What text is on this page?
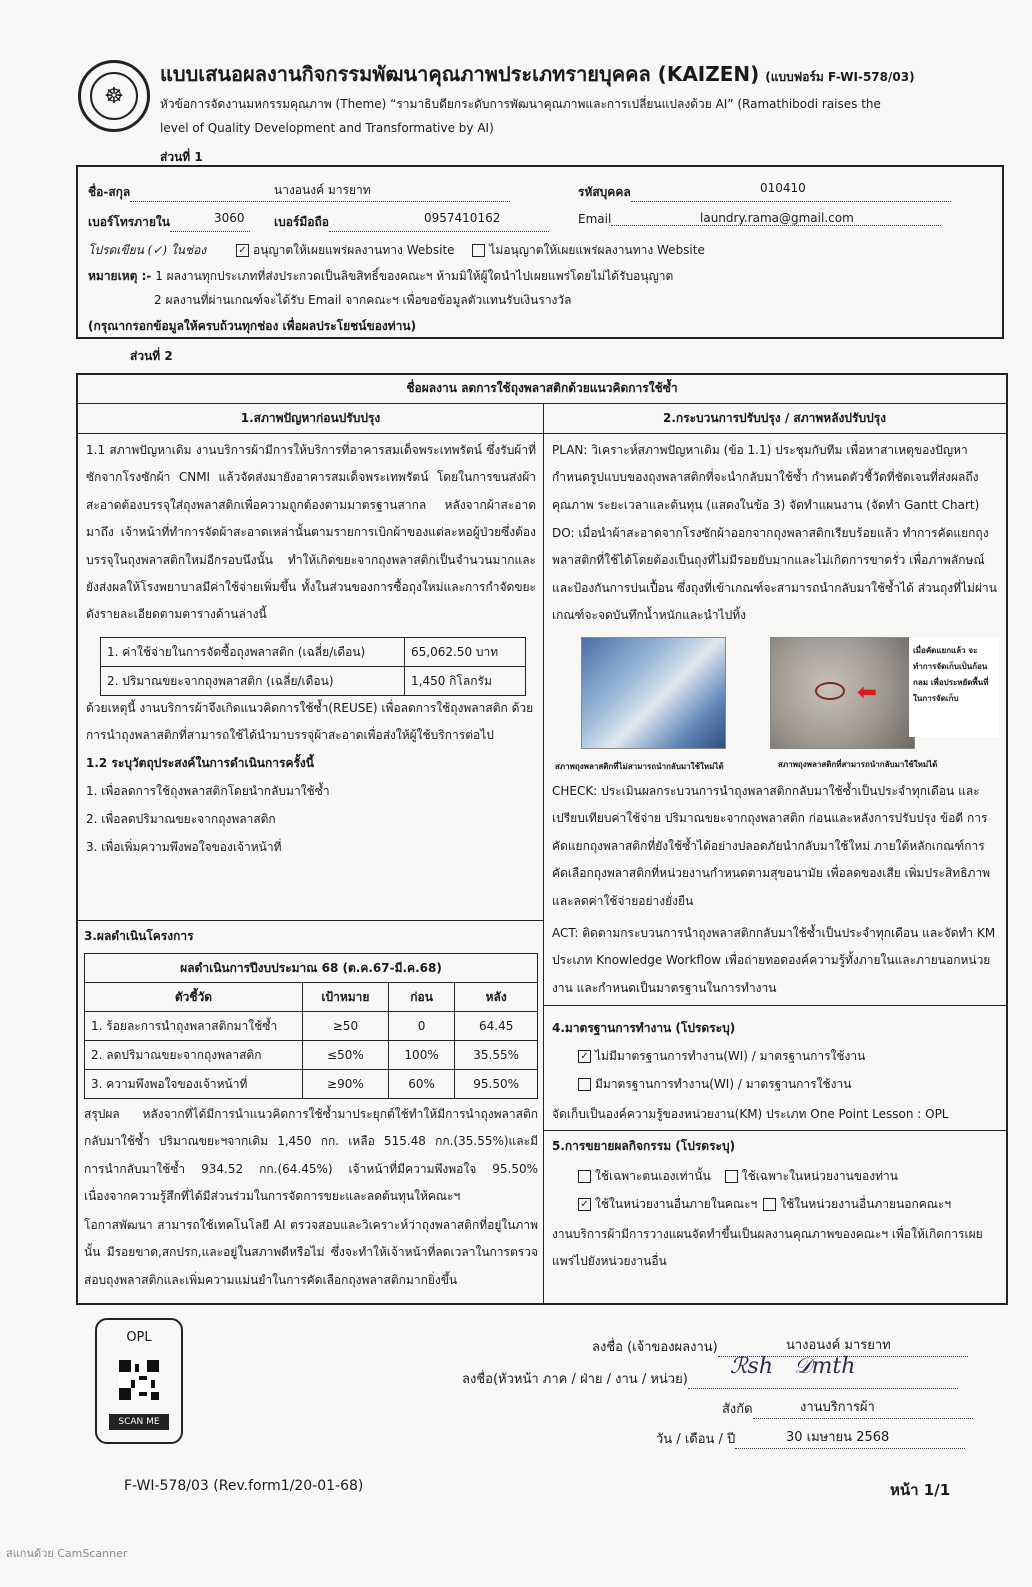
☸
แบบเสนอผลงานกิจกรรมพัฒนาคุณภาพประเภทรายบุคคล (KAIZEN) (แบบฟอร์ม F-WI-578/03)
หัวข้อการจัดงานมหกรรมคุณภาพ (Theme) “รามาธิบดียกระดับการพัฒนาคุณภาพและการเปลี่ยนแปลงด้วย AI” (Ramathibodi raises the
level of Quality Development and Transformative by AI)
ส่วนที่ 1
ชื่อ-สกุล	นางอนงค์ มารยาท	รหัสบุคคล	010410
เบอร์โทรภายใน	3060 เบอร์มือถือ	0957410162	Email	laundry.rama@gmail.com
โปรดเขียน (✓) ในช่อง	✓ อนุญาตให้เผยแพร่ผลงานทาง Website	ไม่อนุญาตให้เผยแพร่ผลงานทาง Website
หมายเหตุ :- 1 ผลงานทุกประเภทที่ส่งประกวดเป็นลิขสิทธิ์ของคณะฯ ห้ามมิให้ผู้ใดนำไปเผยแพร่โดยไม่ได้รับอนุญาต
2 ผลงานที่ผ่านเกณฑ์จะได้รับ Email จากคณะฯ เพื่อขอข้อมูลตัวแทนรับเงินรางวัล
(กรุณากรอกข้อมูลให้ครบถ้วนทุกช่อง เพื่อผลประโยชน์ของท่าน)
ส่วนที่ 2
ชื่อผลงาน ลดการใช้ถุงพลาสติกด้วยแนวคิดการใช้ซ้ำ
1.สภาพปัญหาก่อนปรับปรุง	2.กระบวนการปรับปรุง / สภาพหลังปรับปรุง
1.1 สภาพปัญหาเดิม งานบริการผ้ามีการให้บริการที่อาคารสมเด็จพระเทพรัตน์ ซึ่งรับผ้าที่ซักจากโรงซักผ้า CNMI แล้วจัดส่งมายังอาคารสมเด็จพระเทพรัตน์ โดยในการขนส่งผ้าสะอาดต้องบรรจุใส่ถุงพลาสติกเพื่อความถูกต้องตามมาตรฐานสากล หลังจากผ้าสะอาดมาถึง เจ้าหน้าที่ทำการจัดผ้าสะอาดเหล่านั้นตามรายการเบิกผ้าของแต่ละหอผู้ป่วยซึ่งต้องบรรจุในถุงพลาสติกใหม่อีกรอบนึงนั้น ทำให้เกิดขยะจากถุงพลาสติกเป็นจำนวนมากและยังส่งผลให้โรงพยาบาลมีค่าใช้จ่ายเพิ่มขึ้น ทั้งในส่วนของการซื้อถุงใหม่และการกำจัดขยะ ดังรายละเอียดตามตารางด้านล่างนี้
1. ค่าใช้จ่ายในการจัดซื้อถุงพลาสติก (เฉลี่ย/เดือน)	65,062.50 บาท
2. ปริมาณขยะจากถุงพลาสติก (เฉลี่ย/เดือน)	1,450 กิโลกรัม
ด้วยเหตุนี้ งานบริการผ้าจึงเกิดแนวคิดการใช้ซ้ำ(REUSE) เพื่อลดการใช้ถุงพลาสติก ด้วยการนำถุงพลาสติกที่สามารถใช้ได้นำมาบรรจุผ้าสะอาดเพื่อส่งให้ผู้ใช้บริการต่อไป
1.2 ระบุวัตถุประสงค์ในการดำเนินการครั้งนี้
1. เพื่อลดการใช้ถุงพลาสติกโดยนำกลับมาใช้ซ้ำ
2. เพื่อลดปริมาณขยะจากถุงพลาสติก
3. เพื่อเพิ่มความพึงพอใจของเจ้าหน้าที่
PLAN: วิเคราะห์สภาพปัญหาเดิม (ข้อ 1.1) ประชุมกับทีม เพื่อหาสาเหตุของปัญหา กำหนดรูปแบบของถุงพลาสติกที่จะนำกลับมาใช้ซ้ำ กำหนดตัวชี้วัดที่ชัดเจนที่ส่งผลถึงคุณภาพ ระยะเวลาและต้นทุน (แสดงในข้อ 3) จัดทำแผนงาน (จัดทำ Gantt Chart)
DO: เมื่อนำผ้าสะอาดจากโรงซักผ้าออกจากถุงพลาสติกเรียบร้อยแล้ว ทำการคัดแยกถุงพลาสติกที่ใช้ได้โดยต้องเป็นถุงที่ไม่มีรอยยับมากและไม่เกิดการขาดรั่ว เพื่อภาพลักษณ์และป้องกันการปนเปื้อน ซึ่งถุงที่เข้าเกณฑ์จะสามารถนำกลับมาใช้ซ้ำได้ ส่วนถุงที่ไม่ผ่านเกณฑ์จะจดบันทึกน้ำหนักและนำไปทิ้ง
⬅
เมื่อคัดแยกแล้ว จะทำการจัดเก็บเป็นก้อนกลม เพื่อประหยัดพื้นที่ในการจัดเก็บ
สภาพถุงพลาสติกที่ไม่สามารถนำกลับมาใช้ใหม่ได้	สภาพถุงพลาสติกที่สามารถนำกลับมาใช้ใหม่ได้
CHECK: ประเมินผลกระบวนการนำถุงพลาสติกกลับมาใช้ซ้ำเป็นประจำทุกเดือน และเปรียบเทียบค่าใช้จ่าย ปริมาณขยะจากถุงพลาสติก ก่อนและหลังการปรับปรุง ข้อดี การคัดแยกถุงพลาสติกที่ยังใช้ซ้ำได้อย่างปลอดภัยนำกลับมาใช้ใหม่ ภายใต้หลักเกณฑ์การคัดเลือกถุงพลาสติกที่หน่วยงานกำหนดตามสุขอนามัย เพื่อลดของเสีย เพิ่มประสิทธิภาพและลดค่าใช้จ่ายอย่างยั่งยืน
ACT: ติดตามกระบวนการนำถุงพลาสติกกลับมาใช้ซ้ำเป็นประจำทุกเดือน และจัดทำ KM ประเภท Knowledge Workflow เพื่อถ่ายทอดองค์ความรู้ทั้งภายในและภายนอกหน่วยงาน และกำหนดเป็นมาตรฐานในการทำงาน
4.มาตรฐานการทำงาน (โปรดระบุ)
✓ ไม่มีมาตรฐานการทำงาน(WI) / มาตรฐานการใช้งาน
มีมาตรฐานการทำงาน(WI) / มาตรฐานการใช้งาน
จัดเก็บเป็นองค์ความรู้ของหน่วยงาน(KM) ประเภท One Point Lesson : OPL
5.การขยายผลกิจกรรม (โปรดระบุ)
ใช้เฉพาะตนเองเท่านั้น	ใช้เฉพาะในหน่วยงานของท่าน
✓ ใช้ในหน่วยงานอื่นภายในคณะฯ ใช้ในหน่วยงานอื่นภายนอกคณะฯ
งานบริการผ้ามีการวางแผนจัดทำขึ้นเป็นผลงานคุณภาพของคณะฯ เพื่อให้เกิดการเผยแพร่ไปยังหน่วยงานอื่น
3.ผลดำเนินโครงการ
ผลดำเนินการปีงบประมาณ 68 (ต.ค.67-มี.ค.68)			
ตัวชี้วัด	เป้าหมาย	ก่อน	หลัง
1. ร้อยละการนำถุงพลาสติกมาใช้ซ้ำ	≥50	0	64.45
2. ลดปริมาณขยะจากถุงพลาสติก	≤50%	100%	35.55%
3. ความพึงพอใจของเจ้าหน้าที่	≥90%	60%	95.50%
สรุปผล หลังจากที่ได้มีการนำแนวคิดการใช้ซ้ำมาประยุกต์ใช้ทำให้มีการนำถุงพลาสติกกลับมาใช้ซ้ำ ปริมาณขยะฯจากเดิม 1,450 กก. เหลือ 515.48 กก.(35.55%)และมีการนำกลับมาใช้ซ้ำ 934.52 กก.(64.45%) เจ้าหน้าที่มีความพึงพอใจ 95.50% เนื่องจากความรู้สึกที่ได้มีส่วนร่วมในการจัดการขยะและลดต้นทุนให้คณะฯ
โอกาสพัฒนา สามารถใช้เทคโนโลยี AI ตรวจสอบและวิเคราะห์ว่าถุงพลาสติกที่อยู่ในภาพนั้น มีรอยขาด,สกปรก,และอยู่ในสภาพดีหรือไม่ ซึ่งจะทำให้เจ้าหน้าที่ลดเวลาในการตรวจสอบถุงพลาสติกและเพิ่มความแม่นยำในการคัดเลือกถุงพลาสติกมากยิ่งขึ้น
OPL
SCAN ME
ลงชื่อ (เจ้าของผลงาน)	นางอนงค์ มารยาท
ลงชื่อ(หัวหน้า ภาค / ฝ่าย / งาน / หน่วย)
ℛsh   𝒟mth
สังกัด	งานบริการผ้า
วัน / เดือน / ปี	30 เมษายน 2568
F-WI-578/03 (Rev.form1/20-01-68)	หน้า 1/1
สแกนด้วย CamScanner
